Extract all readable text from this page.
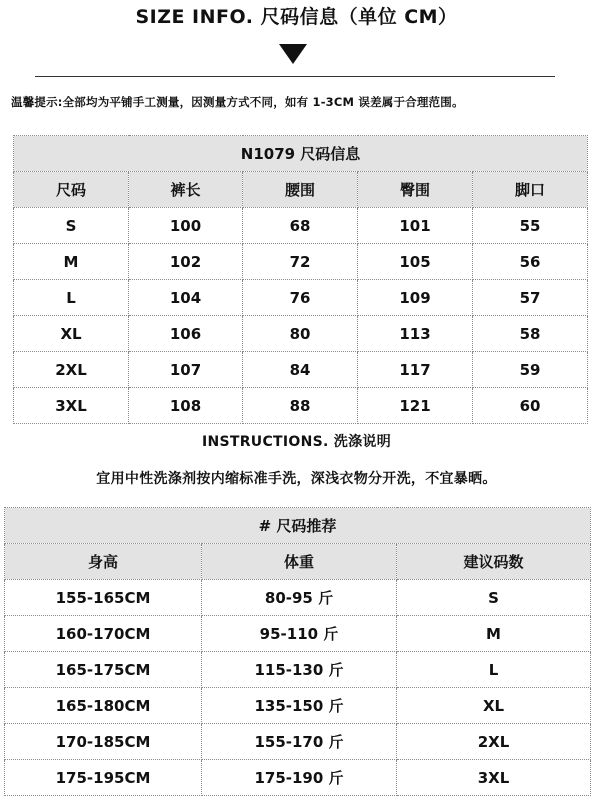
SIZE INFO. 尺码信息（单位 CM）
温馨提示:全部均为平铺手工测量，因测量方式不同，如有 1-3CM 误差属于合理范围。
N1079 尺码信息				
尺码	裤长	腰围	臀围	脚口
S	100	68	101	55
M	102	72	105	56
L	104	76	109	57
XL	106	80	113	58
2XL	107	84	117	59
3XL	108	88	121	60
INSTRUCTIONS. 洗涤说明
宜用中性洗涤剂按内缩标准手洗，深浅衣物分开洗，不宜暴晒。
# 尺码推荐		
身高	体重	建议码数
155-165CM	80-95 斤	S
160-170CM	95-110 斤	M
165-175CM	115-130 斤	L
165-180CM	135-150 斤	XL
170-185CM	155-170 斤	2XL
175-195CM	175-190 斤	3XL
